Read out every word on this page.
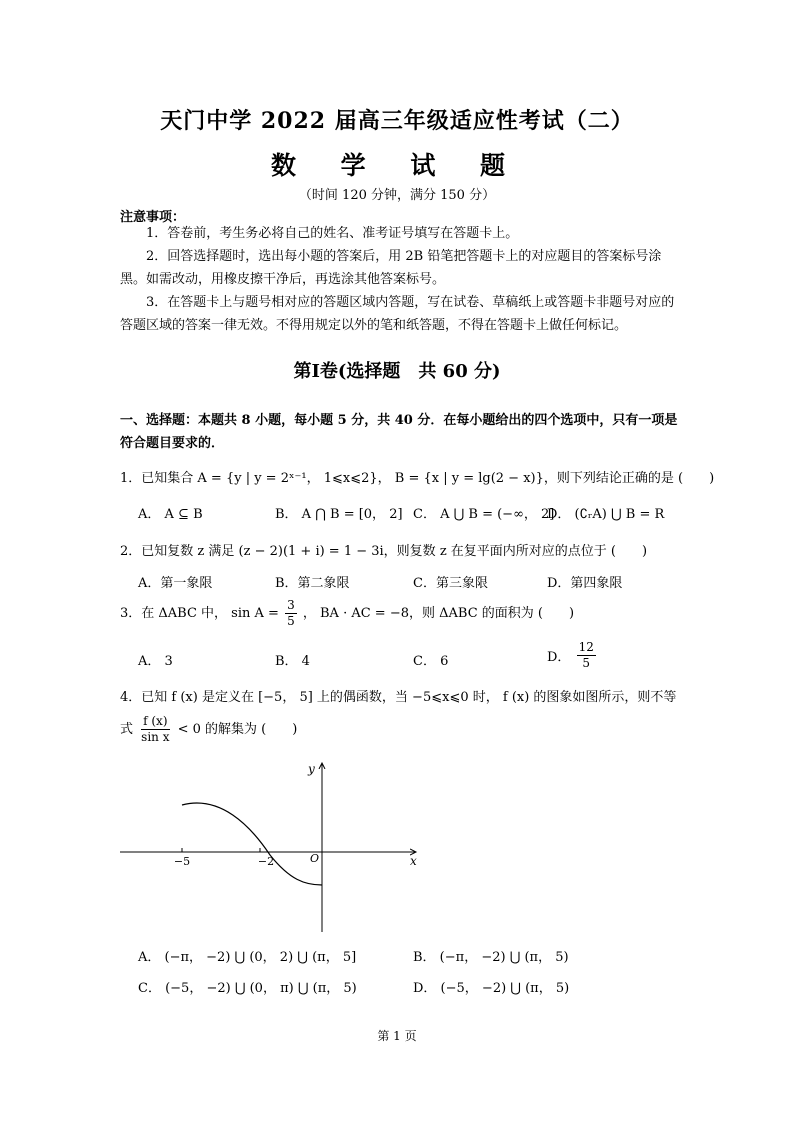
天门中学 2022 届高三年级适应性考试（二）
数 学 试 题
（时间 120 分钟，满分 150 分）
注意事项：
1．答卷前，考生务必将自己的姓名、准考证号填写在答题卡上。
2．回答选择题时，选出每小题的答案后，用 2B 铅笔把答题卡上的对应题目的答案标号涂黑。如需改动，用橡皮擦干净后，再选涂其他答案标号。
3．在答题卡上与题号相对应的答题区域内答题，写在试卷、草稿纸上或答题卡非题号对应的答题区域的答案一律无效。不得用规定以外的笔和纸答题，不得在答题卡上做任何标记。
第Ⅰ卷(选择题　共 60 分)
一、选择题：本题共 8 小题，每小题 5 分，共 40 分．在每小题给出的四个选项中，只有一项是符合题目要求的．
1．已知集合 A = {y | y = 2ˣ⁻¹， 1⩽x⩽2}， B = {x | y = lg(2 − x)}，则下列结论正确的是 (　　)
A． A ⊆ B	B． A ⋂ B = [0， 2] C． A ⋃ B = (−∞， 2]
D． (∁ᵣA) ⋃ B = R
2．已知复数 z 满足 (z − 2)(1 + i) = 1 − 3i，则复数 z 在复平面内所对应的点位于 (　　)
A．第一象限	B．第二象限	C．第三象限	D．第四象限
3．在 ΔABC 中， $\sin A = \frac{3}{5}$ ， BA · AC = −8，则 ΔABC 的面积为 (　　)
A． 3	B． 4	C． 6	D． $\frac{12}{5}$
4．已知 f (x) 是定义在 [−5， 5] 上的偶函数，当 −5⩽x⩽0 时， f (x) 的图象如图所示，则不等
式 $\frac{f (x)}{\text{sin x}} < 0$ 的解集为 (　　)
y
x
O
−5	−2
A． (−π， −2) ⋃ (0， 2) ⋃ (π， 5]	B． (−π， −2) ⋃ (π， 5)
C． (−5， −2) ⋃ (0， π) ⋃ (π， 5)	D． (−5， −2) ⋃ (π， 5)
第 1 页
